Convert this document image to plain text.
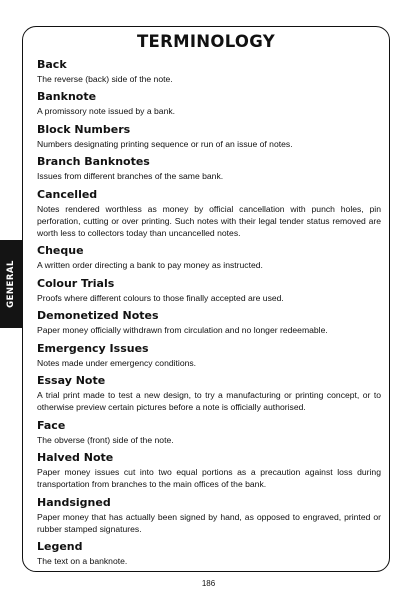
GENERAL
TERMINOLOGY
Back

The reverse (back) side of the note.

Banknote

A promissory note issued by a bank.

Block Numbers

Numbers designating printing sequence or run of an issue of notes.

Branch Banknotes

Issues from different branches of the same bank.

Cancelled

Notes rendered worthless as money by official cancellation with punch holes, pin perforation, cutting or over printing. Such notes with their legal tender status removed are worth less to collectors today than uncancelled notes.

Cheque

A written order directing a bank to pay money as instructed.

Colour Trials

Proofs where different colours to those finally accepted are used.

Demonetized Notes

Paper money officially withdrawn from circulation and no longer redeemable.

Emergency Issues

Notes made under emergency conditions.

Essay Note

A trial print made to test a new design, to try a manufacturing or printing concept, or to otherwise preview certain pictures before a note is officially authorised.

Face

The obverse (front) side of the note.

Halved Note

Paper money issues cut into two equal portions as a precaution against loss during transportation from branches to the main offices of the bank.

Handsigned

Paper money that has actually been signed by hand, as opposed to engraved, printed or rubber stamped signatures.

Legend

The text on a banknote.

186
